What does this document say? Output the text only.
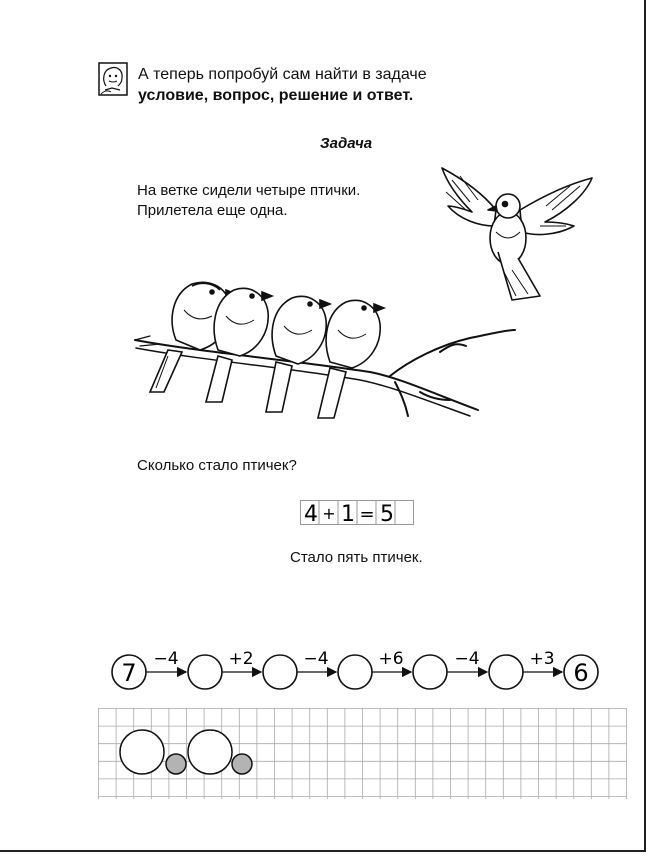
А теперь попробуй сам найти в задаче
условие, вопрос, решение и ответ.
Задача
На ветке сидели четыре птички.
Прилетела еще одна.
Сколько стало птичек?
4 + 1 = 5
Стало пять птичек.
7	6
−4	+2	−4	+6	−4	+3
